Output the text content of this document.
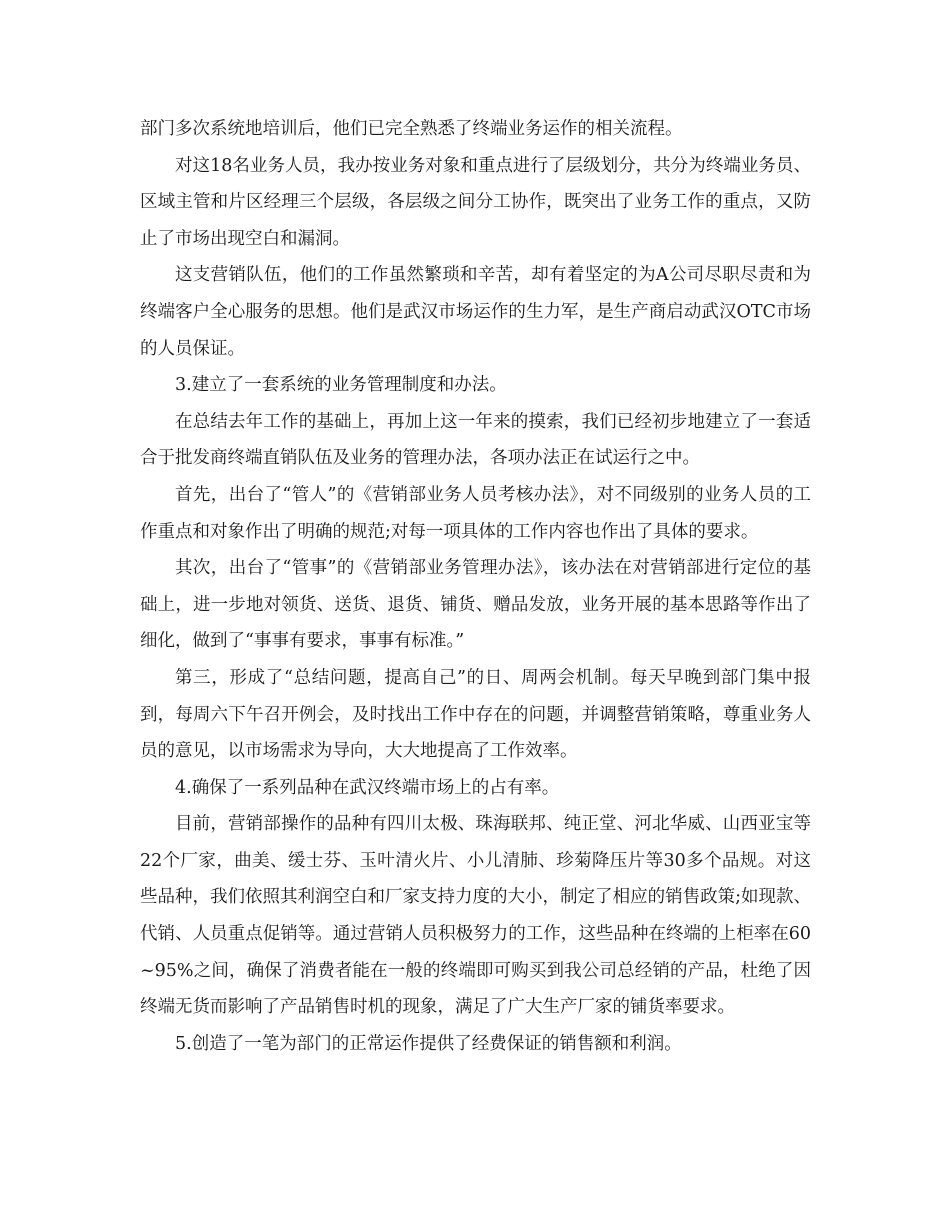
部门多次系统地培训后，他们已完全熟悉了终端业务运作的相关流程。

对这18名业务人员，我办按业务对象和重点进行了层级划分，共分为终端业务员、区域主管和片区经理三个层级，各层级之间分工协作，既突出了业务工作的重点，又防止了市场出现空白和漏洞。

这支营销队伍，他们的工作虽然繁琐和辛苦，却有着坚定的为A公司尽职尽责和为终端客户全心服务的思想。他们是武汉市场运作的生力军，是生产商启动武汉OTC市场的人员保证。

3.建立了一套系统的业务管理制度和办法。

在总结去年工作的基础上，再加上这一年来的摸索，我们已经初步地建立了一套适合于批发商终端直销队伍及业务的管理办法，各项办法正在试运行之中。

首先，出台了“管人”的《营销部业务人员考核办法》，对不同级别的业务人员的工作重点和对象作出了明确的规范;对每一项具体的工作内容也作出了具体的要求。

其次，出台了“管事”的《营销部业务管理办法》，该办法在对营销部进行定位的基础上，进一步地对领货、送货、退货、铺货、赠品发放，业务开展的基本思路等作出了细化，做到了“事事有要求，事事有标准。”

第三，形成了“总结问题，提高自己”的日、周两会机制。每天早晚到部门集中报到，每周六下午召开例会，及时找出工作中存在的问题，并调整营销策略，尊重业务人员的意见，以市场需求为导向，大大地提高了工作效率。

4.确保了一系列品种在武汉终端市场上的占有率。

目前，营销部操作的品种有四川太极、珠海联邦、纯正堂、河北华威、山西亚宝等22个厂家，曲美、缓士芬、玉叶清火片、小儿清肺、珍菊降压片等30多个品规。对这些品种，我们依照其利润空白和厂家支持力度的大小，制定了相应的销售政策;如现款、代销、人员重点促销等。通过营销人员积极努力的工作，这些品种在终端的上柜率在60~95%之间，确保了消费者能在一般的终端即可购买到我公司总经销的产品，杜绝了因终端无货而影响了产品销售时机的现象，满足了广大生产厂家的铺货率要求。

5.创造了一笔为部门的正常运作提供了经费保证的销售额和利润。
